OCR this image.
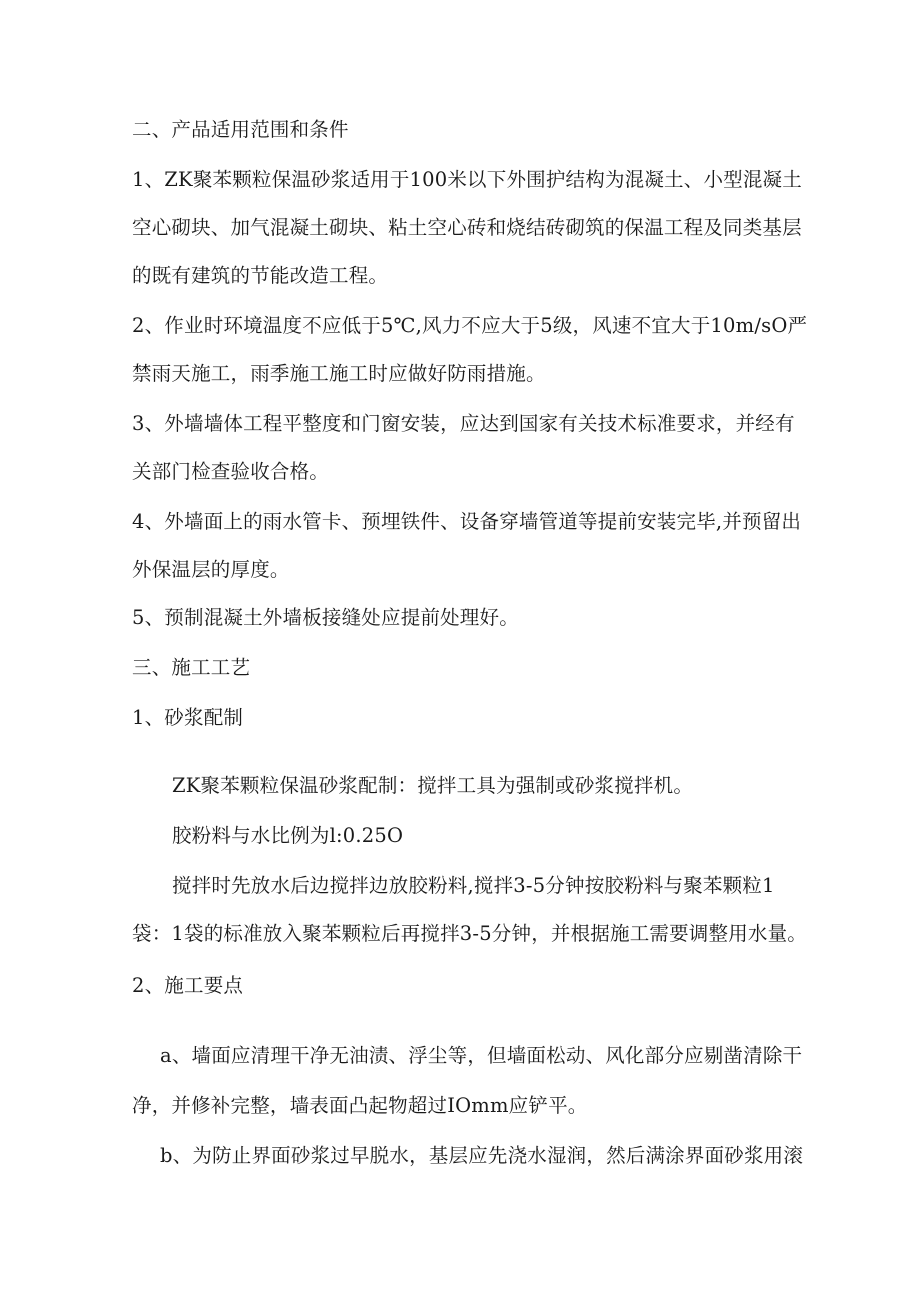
二、产品适用范围和条件
1、ZK聚苯颗粒保温砂浆适用于100米以下外围护结构为混凝土、小型混凝土
空心砌块、加气混凝土砌块、粘土空心砖和烧结砖砌筑的保温工程及同类基层
的既有建筑的节能改造工程。
2、作业时环境温度不应低于5℃,风力不应大于5级，风速不宜大于10m∕sO严
禁雨天施工，雨季施工施工时应做好防雨措施。
3、外墙墙体工程平整度和门窗安装，应达到国家有关技术标准要求，并经有
关部门检查验收合格。
4、外墙面上的雨水管卡、预埋铁件、设备穿墙管道等提前安装完毕,并预留出
外保温层的厚度。
5、预制混凝土外墙板接缝处应提前处理好。
三、施工工艺
1、砂浆配制
ZK聚苯颗粒保温砂浆配制：搅拌工具为强制或砂浆搅拌机。
胶粉料与水比例为l:0.25O
搅拌时先放水后边搅拌边放胶粉料,搅拌3-5分钟按胶粉料与聚苯颗粒1
袋：1袋的标准放入聚苯颗粒后再搅拌3-5分钟，并根据施工需要调整用水量。
2、施工要点
a、墙面应清理干净无油渍、浮尘等，但墙面松动、风化部分应剔凿清除干
净，并修补完整，墙表面凸起物超过IOmm应铲平。
b、为防止界面砂浆过早脱水，基层应先浇水湿润，然后满涂界面砂浆用滚
